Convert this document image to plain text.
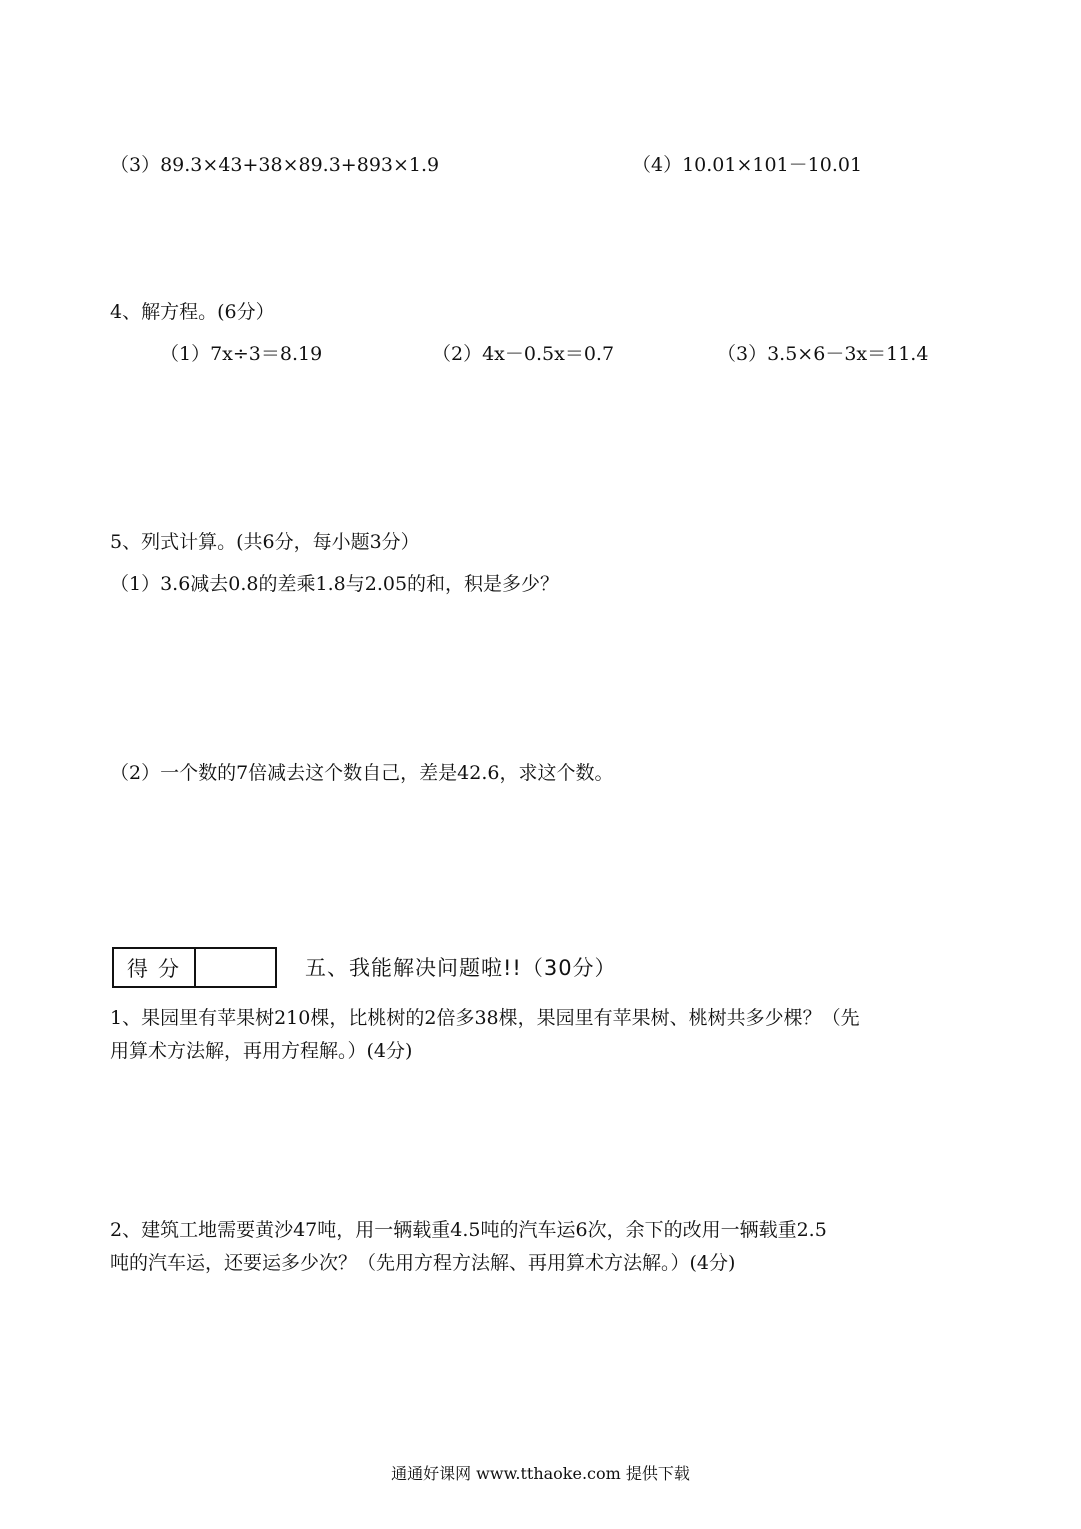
（3）89.3×43+38×89.3+893×1.9	（4）10.01×101－10.01
4、解方程。(6分）
（1）7x÷3＝8.19	（2）4x－0.5x＝0.7	（3）3.5×6－3x＝11.4
5、列式计算。(共6分，每小题3分）
（1）3.6减去0.8的差乘1.8与2.05的和，积是多少？
（2）一个数的7倍减去这个数自己，差是42.6，求这个数。
得分	五、我能解决问题啦!!（30分）
1、果园里有苹果树210棵，比桃树的2倍多38棵，果园里有苹果树、桃树共多少棵？（先
用算术方法解，再用方程解。）(4分)
2、建筑工地需要黄沙47吨，用一辆载重4.5吨的汽车运6次，余下的改用一辆载重2.5
吨的汽车运，还要运多少次？（先用方程方法解、再用算术方法解。）(4分)
通通好课网 www.tthaoke.com 提供下载
